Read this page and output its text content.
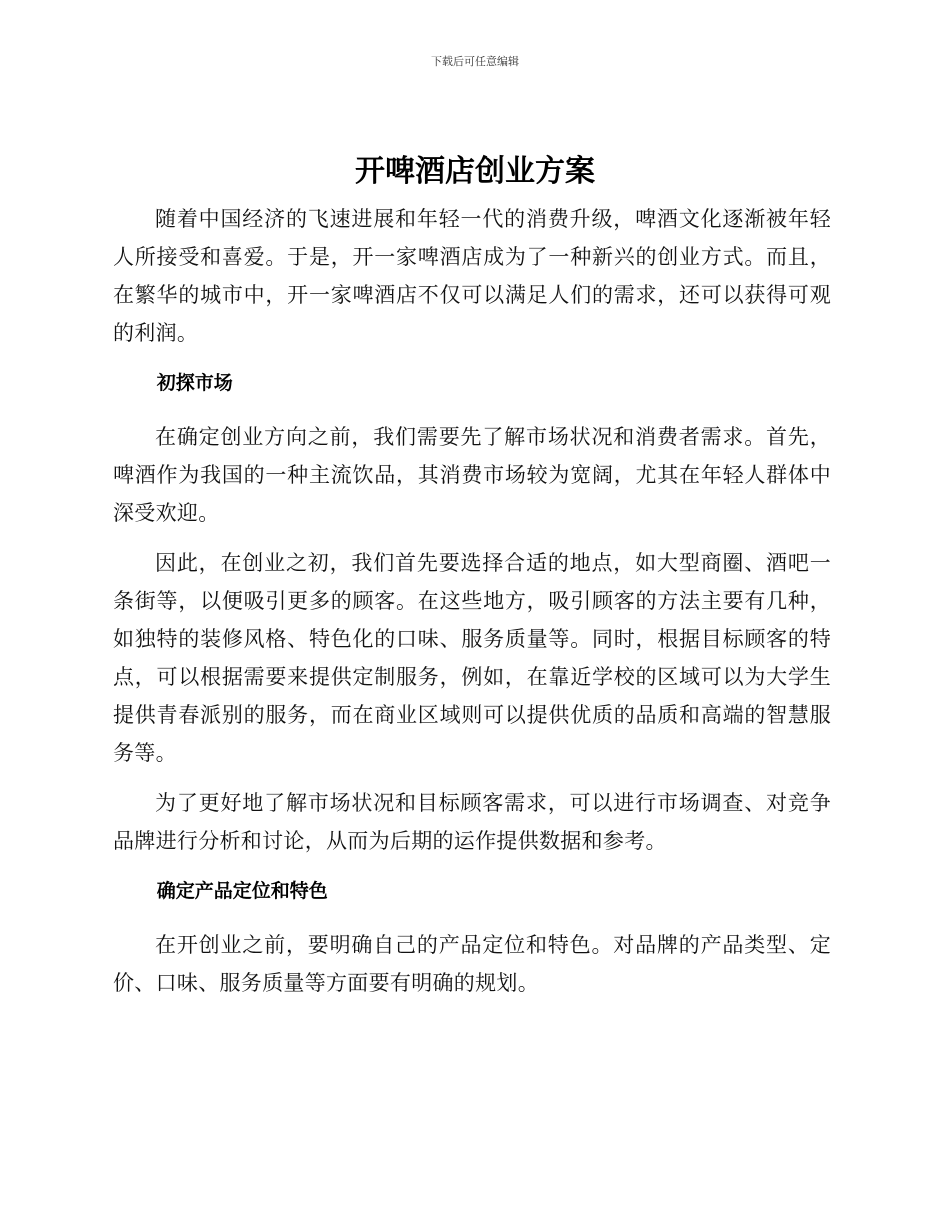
下载后可任意编辑
开啤酒店创业方案

随着中国经济的飞速进展和年轻一代的消费升级，啤酒文化逐渐被年轻人所接受和喜爱。于是，开一家啤酒店成为了一种新兴的创业方式。而且，在繁华的城市中，开一家啤酒店不仅可以满足人们的需求，还可以获得可观的利润。

初探市场

在确定创业方向之前，我们需要先了解市场状况和消费者需求。首先，啤酒作为我国的一种主流饮品，其消费市场较为宽阔，尤其在年轻人群体中深受欢迎。

因此，在创业之初，我们首先要选择合适的地点，如大型商圈、酒吧一条街等，以便吸引更多的顾客。在这些地方，吸引顾客的方法主要有几种，如独特的装修风格、特色化的口味、服务质量等。同时，根据目标顾客的特点，可以根据需要来提供定制服务，例如，在靠近学校的区域可以为大学生提供青春派别的服务，而在商业区域则可以提供优质的品质和高端的智慧服务等。

为了更好地了解市场状况和目标顾客需求，可以进行市场调查、对竞争品牌进行分析和讨论，从而为后期的运作提供数据和参考。

确定产品定位和特色

在开创业之前，要明确自己的产品定位和特色。对品牌的产品类型、定价、口味、服务质量等方面要有明确的规划。
